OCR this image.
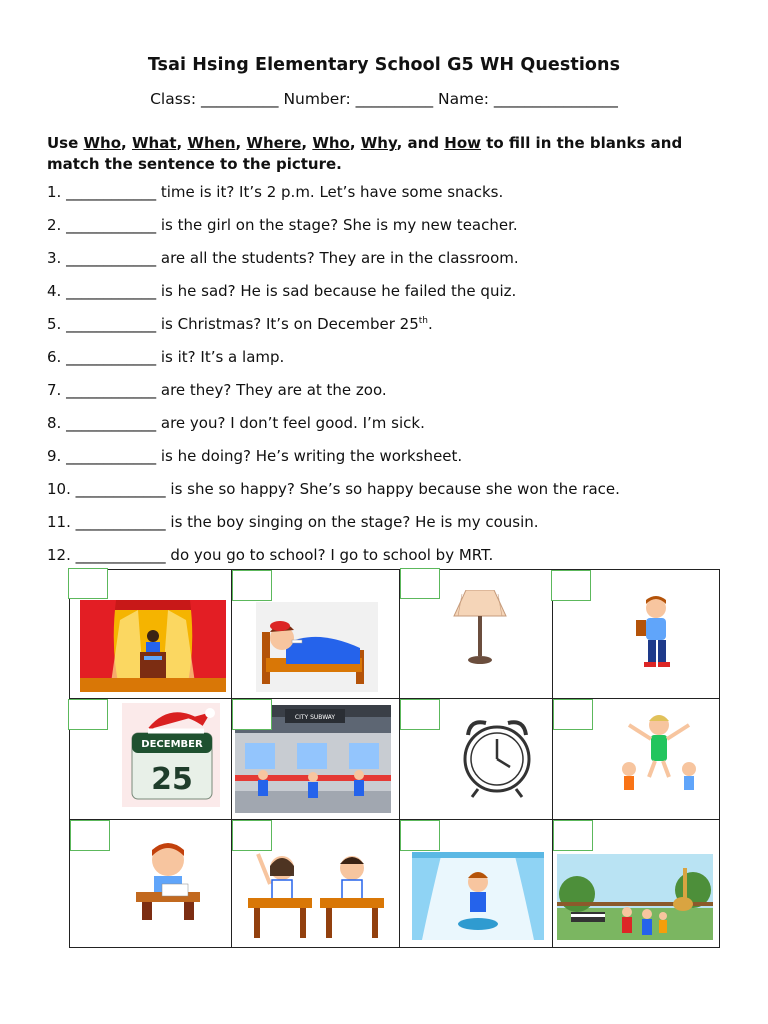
Tsai Hsing Elementary School G5 WH Questions
Class: __________ Number: __________ Name: ________________
Use Who, What, When, Where, Who, Why, and How to fill in the blanks and match the sentence to the picture.
1. ____________ time is it? It’s 2 p.m. Let’s have some snacks.
2. ____________ is the girl on the stage? She is my new teacher.
3. ____________ are all the students? They are in the classroom.
4. ____________ is he sad? He is sad because he failed the quiz.
5. ____________ is Christmas? It’s on December 25th.
6. ____________ is it? It’s a lamp.
7. ____________ are they? They are at the zoo.
8. ____________ are you? I don’t feel good. I’m sick.
9. ____________ is he doing? He’s writing the worksheet.
10. ____________ is she so happy? She’s so happy because she won the race.
11. ____________ is the boy singing on the stage? He is my cousin.
12. ____________ do you go to school? I go to school by MRT.
DECEMBER
25
CITY SUBWAY
